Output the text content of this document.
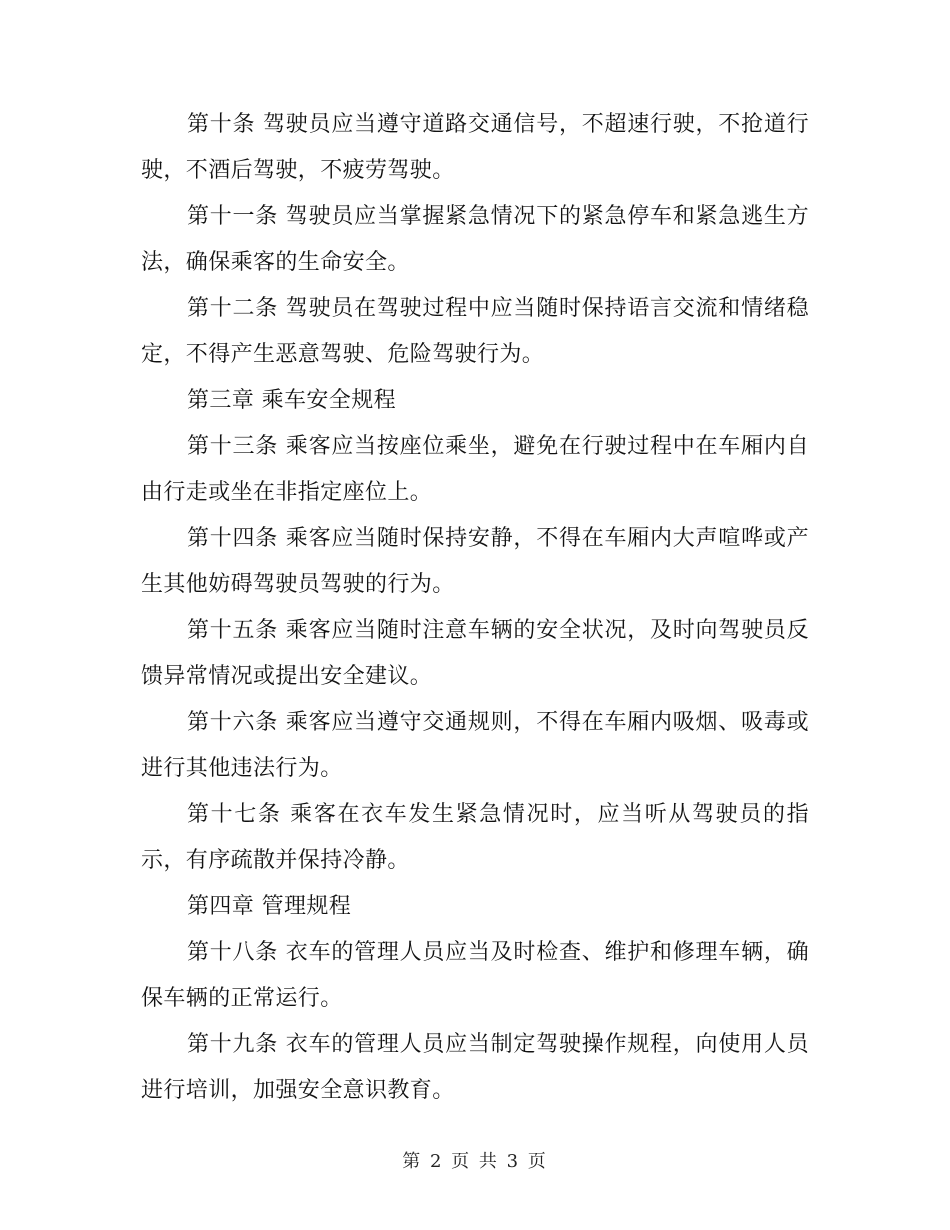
第十条 驾驶员应当遵守道路交通信号，不超速行驶，不抢道行驶，不酒后驾驶，不疲劳驾驶。

第十一条 驾驶员应当掌握紧急情况下的紧急停车和紧急逃生方法，确保乘客的生命安全。

第十二条 驾驶员在驾驶过程中应当随时保持语言交流和情绪稳定，不得产生恶意驾驶、危险驾驶行为。

第三章 乘车安全规程

第十三条 乘客应当按座位乘坐，避免在行驶过程中在车厢内自由行走或坐在非指定座位上。

第十四条 乘客应当随时保持安静，不得在车厢内大声喧哗或产生其他妨碍驾驶员驾驶的行为。

第十五条 乘客应当随时注意车辆的安全状况，及时向驾驶员反馈异常情况或提出安全建议。

第十六条 乘客应当遵守交通规则，不得在车厢内吸烟、吸毒或进行其他违法行为。

第十七条 乘客在衣车发生紧急情况时，应当听从驾驶员的指示，有序疏散并保持冷静。

第四章 管理规程

第十八条 衣车的管理人员应当及时检查、维护和修理车辆，确保车辆的正常运行。

第十九条 衣车的管理人员应当制定驾驶操作规程，向使用人员进行培训，加强安全意识教育。

第 2 页 共 3 页
